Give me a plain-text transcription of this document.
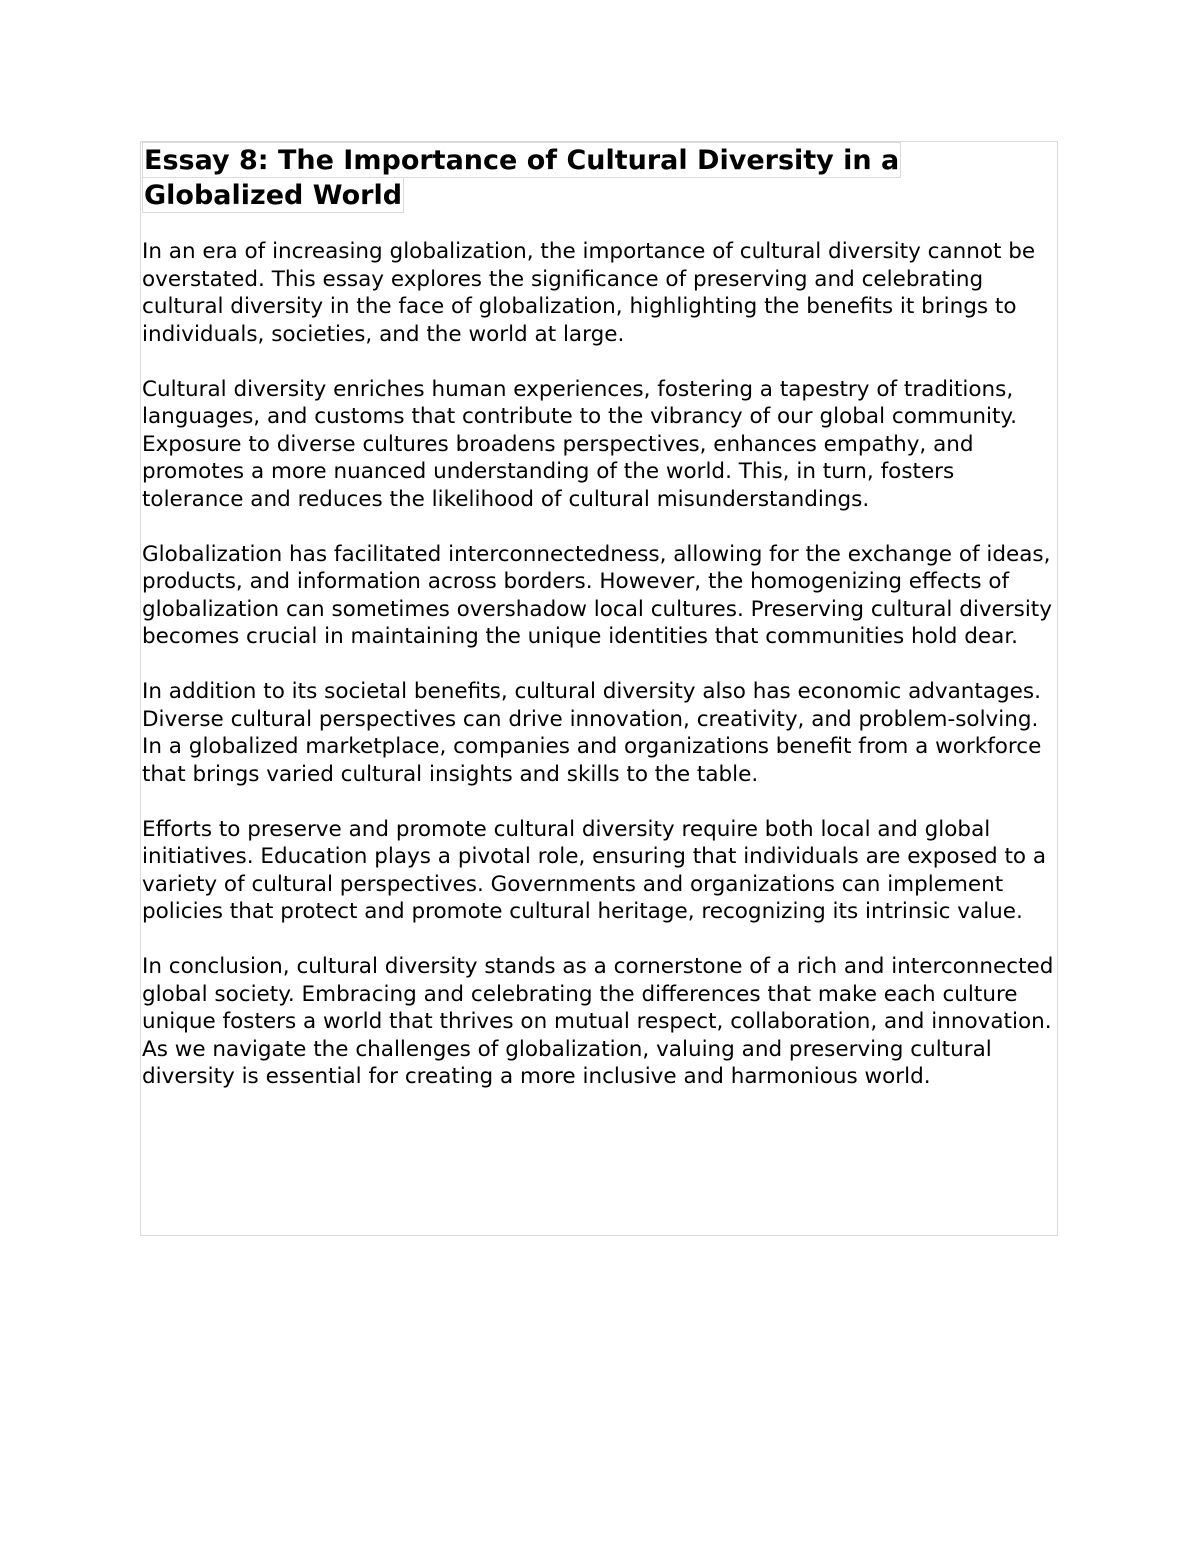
Essay 8: The Importance of Cultural Diversity in a
Globalized World

In an era of increasing globalization, the importance of cultural diversity cannot be overstated. This essay explores the significance of preserving and celebrating cultural diversity in the face of globalization, highlighting the benefits it brings to individuals, societies, and the world at large.

Cultural diversity enriches human experiences, fostering a tapestry of traditions, languages, and customs that contribute to the vibrancy of our global community. Exposure to diverse cultures broadens perspectives, enhances empathy, and promotes a more nuanced understanding of the world. This, in turn, fosters tolerance and reduces the likelihood of cultural misunderstandings.

Globalization has facilitated interconnectedness, allowing for the exchange of ideas, products, and information across borders. However, the homogenizing effects of globalization can sometimes overshadow local cultures. Preserving cultural diversity becomes crucial in maintaining the unique identities that communities hold dear.

In addition to its societal benefits, cultural diversity also has economic advantages. Diverse cultural perspectives can drive innovation, creativity, and problem-solving. In a globalized marketplace, companies and organizations benefit from a workforce that brings varied cultural insights and skills to the table.

Efforts to preserve and promote cultural diversity require both local and global initiatives. Education plays a pivotal role, ensuring that individuals are exposed to a variety of cultural perspectives. Governments and organizations can implement policies that protect and promote cultural heritage, recognizing its intrinsic value.

In conclusion, cultural diversity stands as a cornerstone of a rich and interconnected global society. Embracing and celebrating the differences that make each culture unique fosters a world that thrives on mutual respect, collaboration, and innovation. As we navigate the challenges of globalization, valuing and preserving cultural diversity is essential for creating a more inclusive and harmonious world.
